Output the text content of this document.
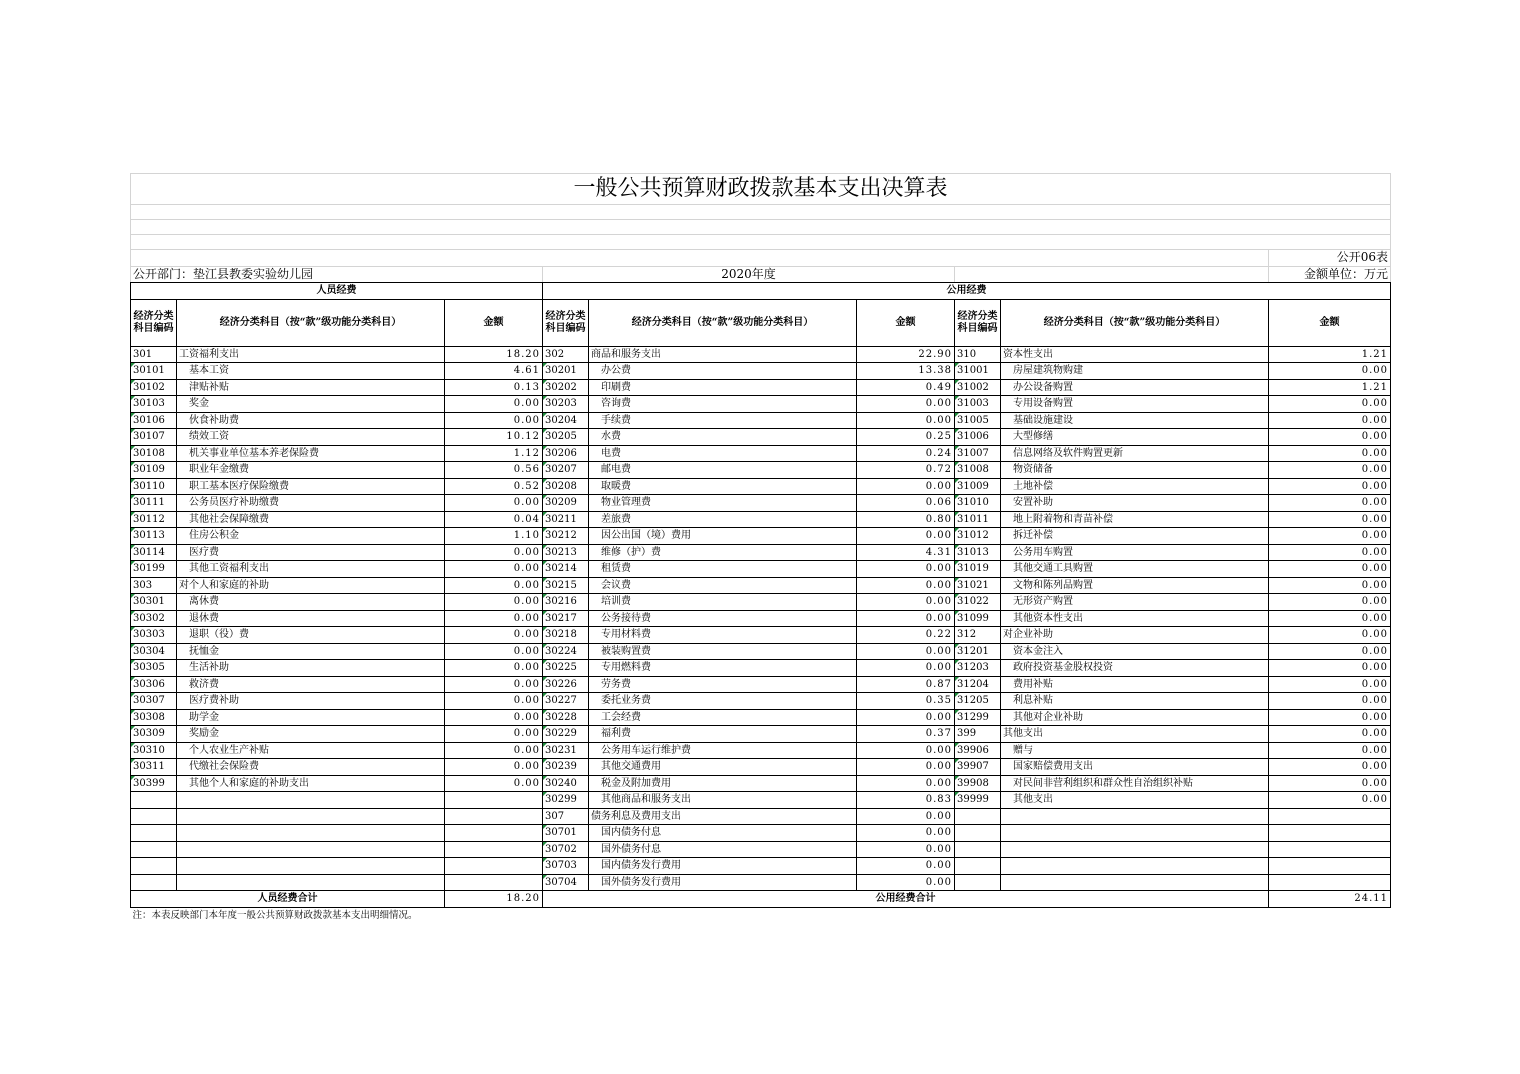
一般公共预算财政拨款基本支出决算表								

								公开06表
公开部门：垫江县教委实验幼儿园			2020年度					金额单位：万元
人员经费			公用经费					
经济分类科目编码	经济分类科目（按“款”级功能分类科目）	金额	经济分类科目编码	经济分类科目（按“款”级功能分类科目）	金额	经济分类科目编码	经济分类科目（按“款”级功能分类科目）	金额
301	工资福利支出	18.20	302	商品和服务支出	22.90	310	资本性支出	1.21
30101	基本工资	4.61	30201	办公费	13.38	31001	房屋建筑物购建	0.00
30102	津贴补贴	0.13	30202	印刷费	0.49	31002	办公设备购置	1.21
30103	奖金	0.00	30203	咨询费	0.00	31003	专用设备购置	0.00
30106	伙食补助费	0.00	30204	手续费	0.00	31005	基础设施建设	0.00
30107	绩效工资	10.12	30205	水费	0.25	31006	大型修缮	0.00
30108	机关事业单位基本养老保险费	1.12	30206	电费	0.24	31007	信息网络及软件购置更新	0.00
30109	职业年金缴费	0.56	30207	邮电费	0.72	31008	物资储备	0.00
30110	职工基本医疗保险缴费	0.52	30208	取暖费	0.00	31009	土地补偿	0.00
30111	公务员医疗补助缴费	0.00	30209	物业管理费	0.06	31010	安置补助	0.00
30112	其他社会保障缴费	0.04	30211	差旅费	0.80	31011	地上附着物和青苗补偿	0.00
30113	住房公积金	1.10	30212	因公出国（境）费用	0.00	31012	拆迁补偿	0.00
30114	医疗费	0.00	30213	维修（护）费	4.31	31013	公务用车购置	0.00
30199	其他工资福利支出	0.00	30214	租赁费	0.00	31019	其他交通工具购置	0.00
303	对个人和家庭的补助	0.00	30215	会议费	0.00	31021	文物和陈列品购置	0.00
30301	离休费	0.00	30216	培训费	0.00	31022	无形资产购置	0.00
30302	退休费	0.00	30217	公务接待费	0.00	31099	其他资本性支出	0.00
30303	退职（役）费	0.00	30218	专用材料费	0.22	312	对企业补助	0.00
30304	抚恤金	0.00	30224	被装购置费	0.00	31201	资本金注入	0.00
30305	生活补助	0.00	30225	专用燃料费	0.00	31203	政府投资基金股权投资	0.00
30306	救济费	0.00	30226	劳务费	0.87	31204	费用补贴	0.00
30307	医疗费补助	0.00	30227	委托业务费	0.35	31205	利息补贴	0.00
30308	助学金	0.00	30228	工会经费	0.00	31299	其他对企业补助	0.00
30309	奖励金	0.00	30229	福利费	0.37	399	其他支出	0.00
30310	个人农业生产补贴	0.00	30231	公务用车运行维护费	0.00	39906	赠与	0.00
30311	代缴社会保险费	0.00	30239	其他交通费用	0.00	39907	国家赔偿费用支出	0.00
30399	其他个人和家庭的补助支出	0.00	30240	税金及附加费用	0.00	39908	对民间非营利组织和群众性自治组织补贴	0.00
			30299	其他商品和服务支出	0.83	39999	其他支出	0.00
			307	债务利息及费用支出	0.00			
			30701	国内债务付息	0.00			
			30702	国外债务付息	0.00			
			30703	国内债务发行费用	0.00			
			30704	国外债务发行费用	0.00			
人员经费合计		18.20	公用经费合计					24.11
注：本表反映部门本年度一般公共预算财政拨款基本支出明细情况。								
